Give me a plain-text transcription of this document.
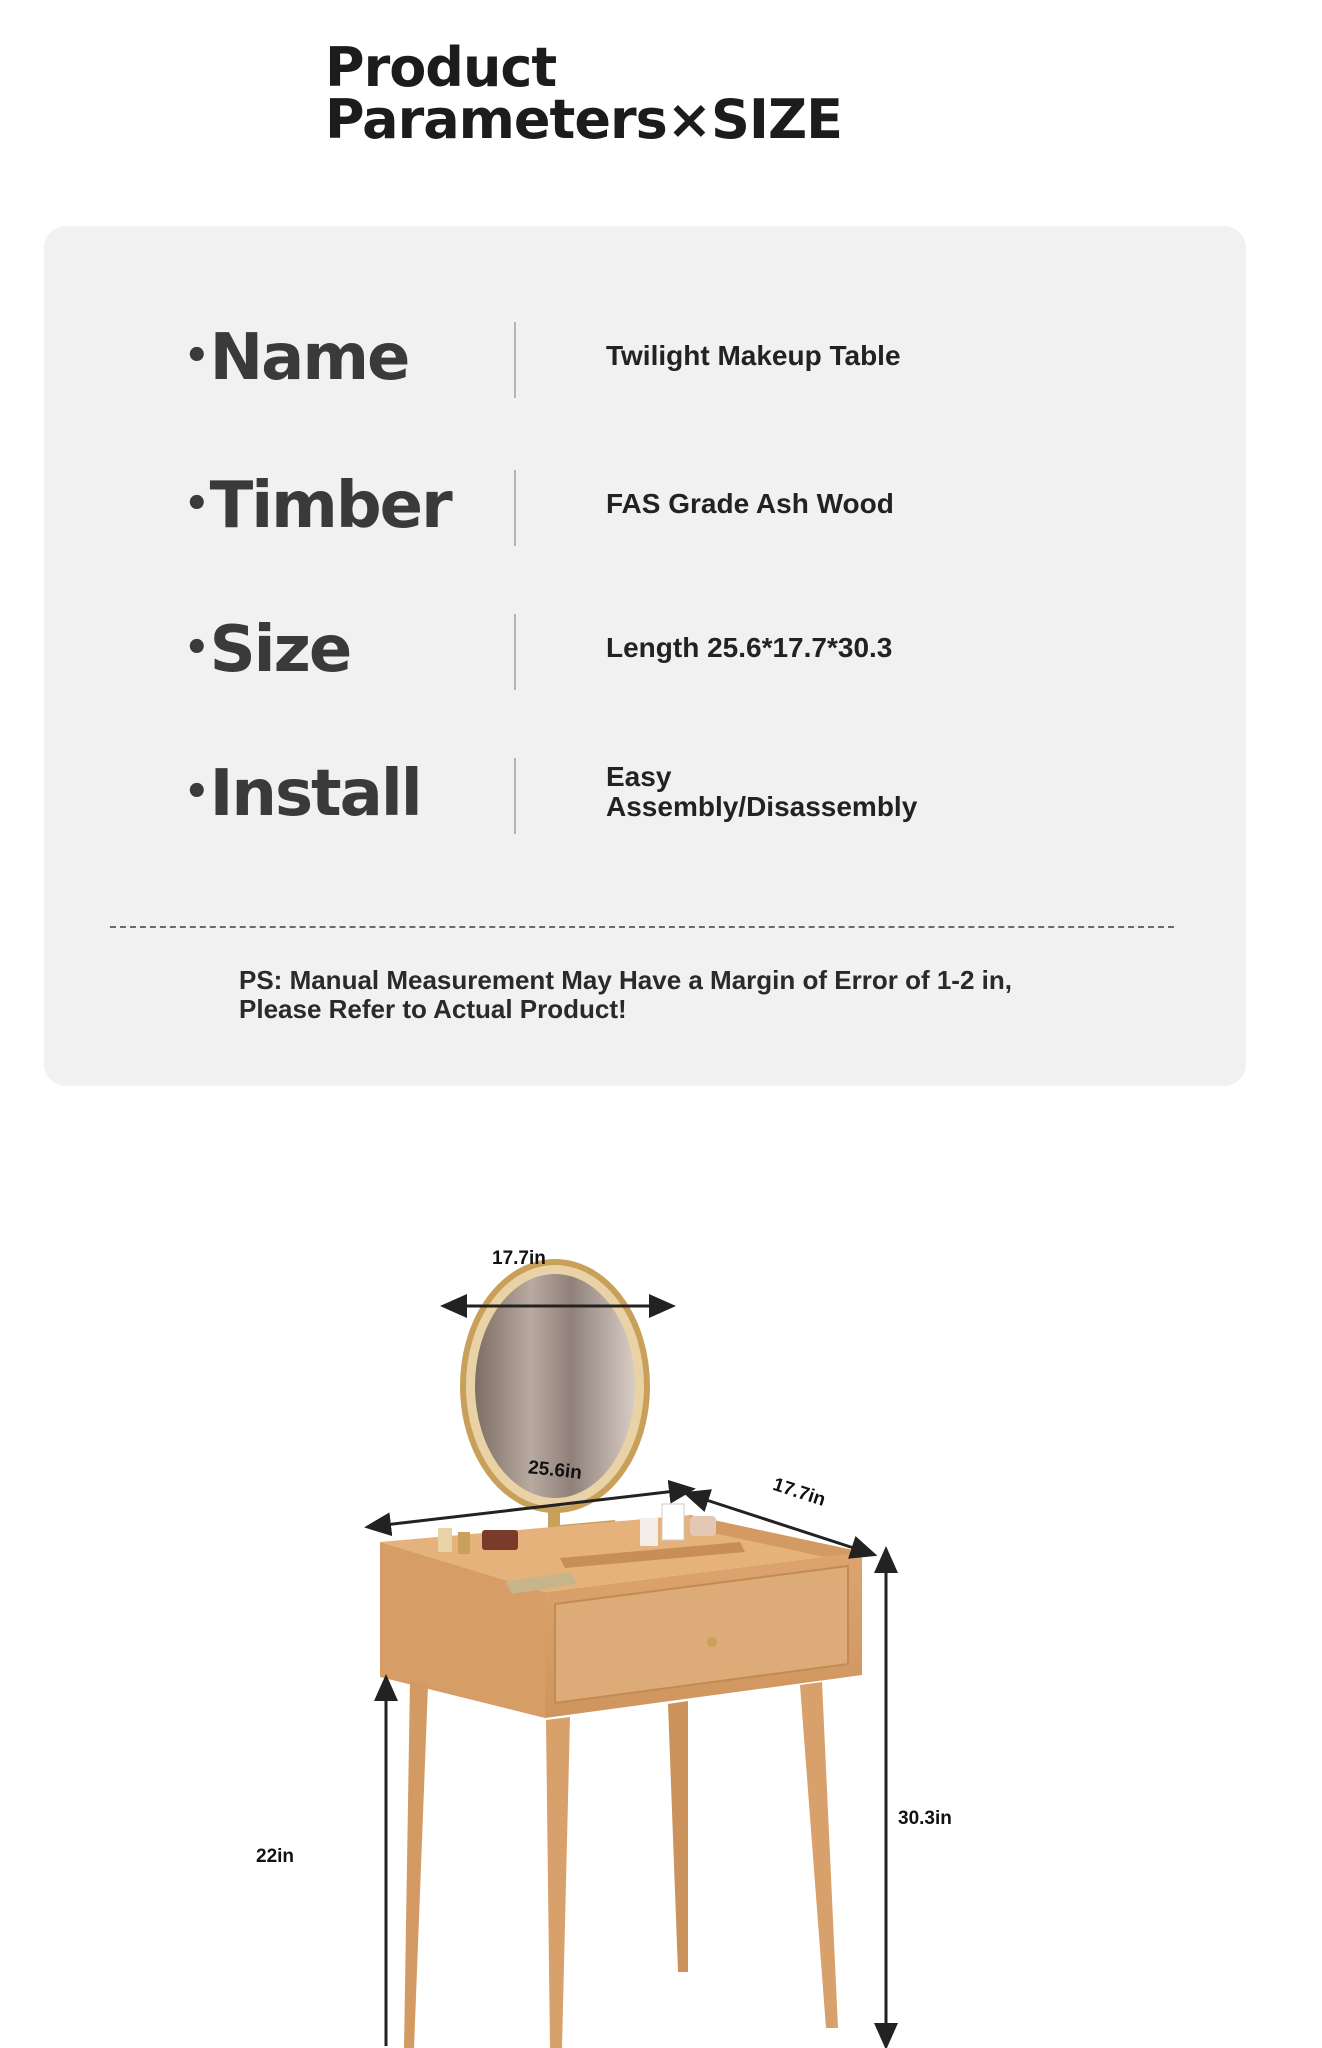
Product
Parameters×SIZE
•Name	Twilight Makeup Table
•Timber	FAS Grade Ash Wood
•Size	Length 25.6*17.7*30.3
•Install	Easy Assembly/Disassembly
PS: Manual Measurement May Have a Margin of Error of 1-2 in,
Please Refer to Actual Product!
17.7in
25.6in
17.7in
30.3in
22in
